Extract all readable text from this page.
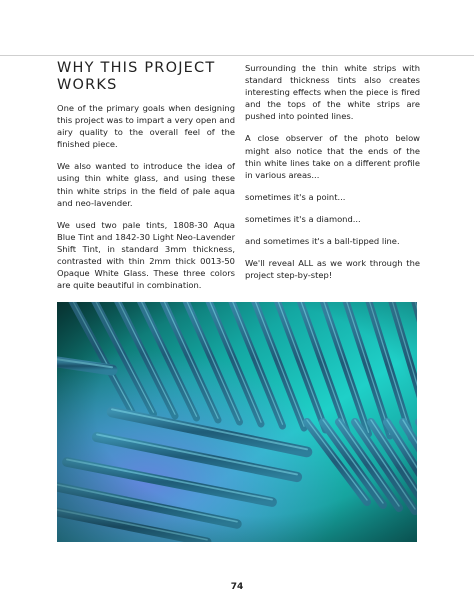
WHY THIS PROJECT
WORKS

One of the primary goals when designing this project was to impart a very open and airy quality to the overall feel of the finished piece.

We also wanted to introduce the idea of using thin white glass, and using these thin white strips in the field of pale aqua and neo-lavender.

We used two pale tints, 1808-30 Aqua Blue Tint and 1842-30 Light Neo-Lavender Shift Tint, in standard 3mm thickness, contrasted with thin 2mm thick 0013-50 Opaque White Glass. These three colors are quite beautiful in combination.

Surrounding the thin white strips with standard thickness tints also creates interesting effects when the piece is fired and the tops of the white strips are pushed into pointed lines.

A close observer of the photo below might also notice that the ends of the thin white lines take on a different profile in various areas...

sometimes it's a point...

sometimes it's a diamond...

and sometimes it's a ball-tipped line.

We'll reveal ALL as we work through the project step-by-step!

74
